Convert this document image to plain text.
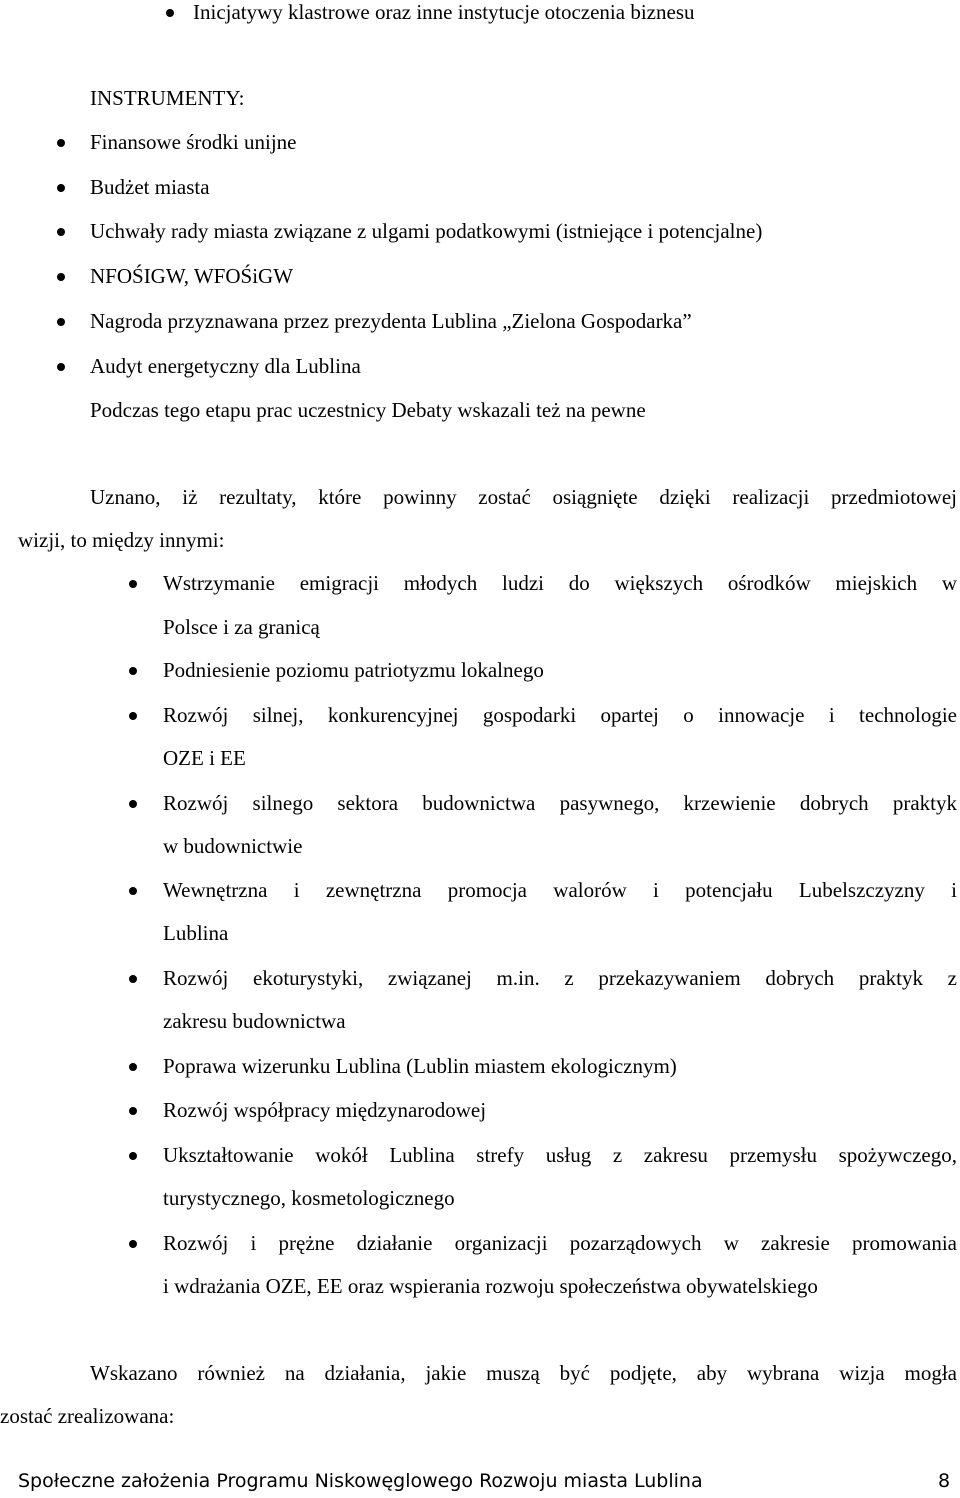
Inicjatywy klastrowe oraz inne instytucje otoczenia biznesu
INSTRUMENTY:
Finansowe środki unijne
Budżet miasta
Uchwały rady miasta związane z ulgami podatkowymi (istniejące i potencjalne)
NFOŚIGW, WFOŚiGW
Nagroda przyznawana przez prezydenta Lublina „Zielona Gospodarka”
Audyt energetyczny dla Lublina
Podczas tego etapu prac uczestnicy Debaty wskazali też na pewne
Uznano, iż rezultaty, które powinny zostać osiągnięte dzięki realizacji przedmiotowej
wizji, to między innymi:
Wstrzymanie emigracji młodych ludzi do większych ośrodków miejskich w
Polsce i za granicą
Podniesienie poziomu patriotyzmu lokalnego
Rozwój silnej, konkurencyjnej gospodarki opartej o innowacje i technologie
OZE i EE
Rozwój silnego sektora budownictwa pasywnego, krzewienie dobrych praktyk
w budownictwie
Wewnętrzna i zewnętrzna promocja walorów i potencjału Lubelszczyzny i
Lublina
Rozwój ekoturystyki, związanej m.in. z przekazywaniem dobrych praktyk z
zakresu budownictwa
Poprawa wizerunku Lublina (Lublin miastem ekologicznym)
Rozwój współpracy międzynarodowej
Ukształtowanie wokół Lublina strefy usług z zakresu przemysłu spożywczego,
turystycznego, kosmetologicznego
Rozwój i prężne działanie organizacji pozarządowych w zakresie promowania
i wdrażania OZE, EE oraz wspierania rozwoju społeczeństwa obywatelskiego
Wskazano również na działania, jakie muszą być podjęte, aby wybrana wizja mogła
zostać zrealizowana:
Społeczne założenia Programu Niskowęglowego Rozwoju miasta Lublina	8
